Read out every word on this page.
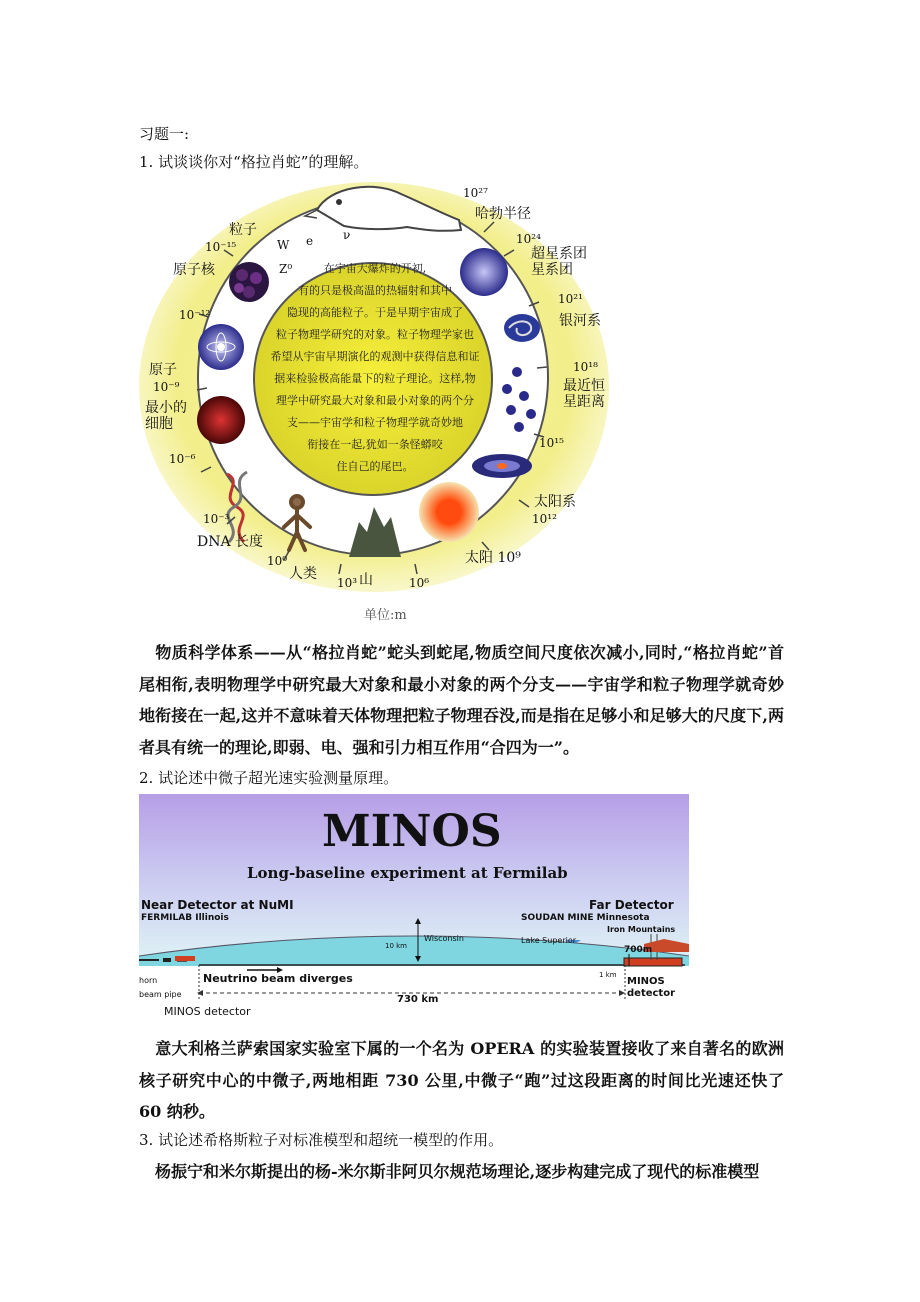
习题一:
1. 试谈谈你对“格拉肖蛇”的理解。
粒子
10⁻¹⁵
原子核
10⁻¹²
原子
10⁻⁹
最小的
细胞
10⁻⁶
10⁻³
DNA 长度
10⁰
人类
10³ 山	10⁶
太阳 10⁹
10¹²
太阳系
10¹⁵
最近恒
星距离
10¹⁸
银河系
10²¹
超星系团
星系团
10²⁴
哈勃半径
10²⁷
W
Z⁰
e ν
在宇宙大爆炸的开初,
有的只是极高温的热辐射和其中
隐现的高能粒子。于是早期宇宙成了
粒子物理学研究的对象。粒子物理学家也
希望从宇宙早期演化的观测中获得信息和证
据来检验极高能量下的粒子理论。这样,物
理学中研究最大对象和最小对象的两个分
支——宇宙学和粒子物理学就奇妙地
衔接在一起,犹如一条怪蟒咬
住自己的尾巴。
单位:m
物质科学体系——从“格拉肖蛇”蛇头到蛇尾,物质空间尺度依次减小,同时,“格拉肖蛇”首尾相衔,表明物理学中研究最大对象和最小对象的两个分支——宇宙学和粒子物理学就奇妙地衔接在一起,这并不意味着天体物理把粒子物理吞没,而是指在足够小和足够大的尺度下,两者具有统一的理论,即弱、电、强和引力相互作用“合四为一”。
2. 试论述中微子超光速实验测量原理。
MINOS
Long-baseline experiment at Fermilab
Near Detector at NuMI
FERMILAB Illinois
Far Detector
SOUDAN MINE Minnesota
Iron Mountains
Wisconsin	Lake Superior
10 km
1 km
700m
Neutrino beam diverges
730 km
horn
beam pipe
MINOS
detector
MINOS detector
意大利格兰萨索国家实验室下属的一个名为 OPERA 的实验装置接收了来自著名的欧洲核子研究中心的中微子,两地相距 730 公里,中微子“跑”过这段距离的时间比光速还快了 60 纳秒。
3. 试论述希格斯粒子对标准模型和超统一模型的作用。
杨振宁和米尔斯提出的杨-米尔斯非阿贝尔规范场理论,逐步构建完成了现代的标准模型
